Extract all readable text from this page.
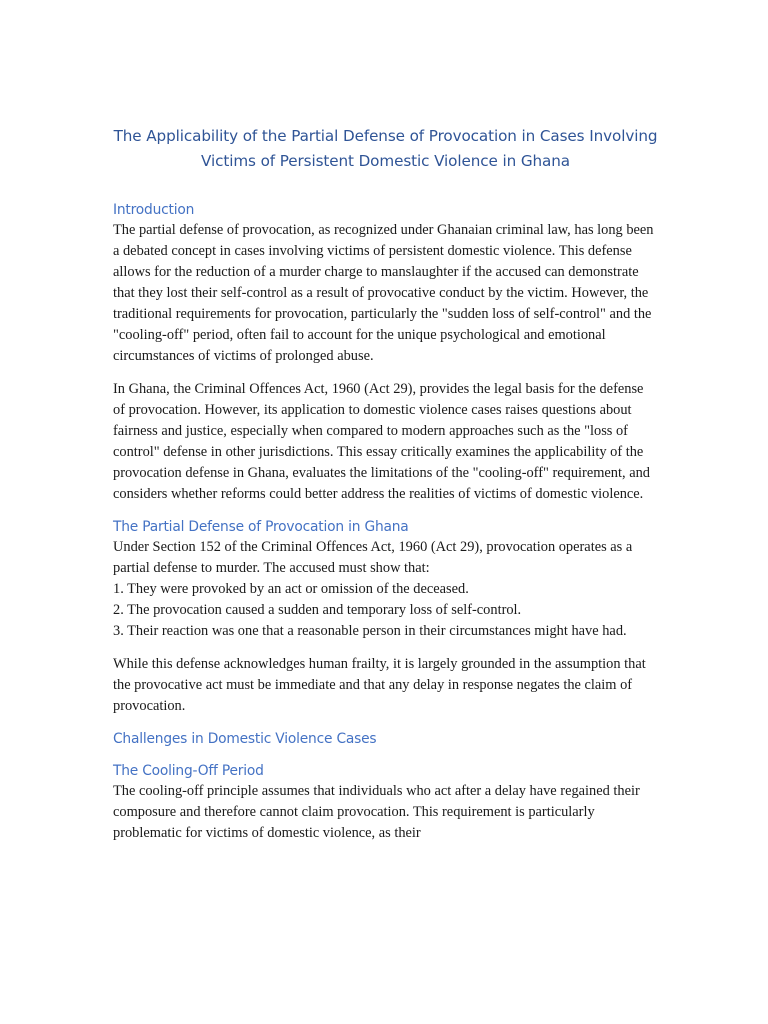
The Applicability of the Partial Defense of Provocation in Cases Involving
Victims of Persistent Domestic Violence in Ghana
Introduction

The partial defense of provocation, as recognized under Ghanaian criminal law, has long been a debated concept in cases involving victims of persistent domestic violence. This defense allows for the reduction of a murder charge to manslaughter if the accused can demonstrate that they lost their self-control as a result of provocative conduct by the victim. However, the traditional requirements for provocation, particularly the "sudden loss of self-control" and the "cooling-off" period, often fail to account for the unique psychological and emotional circumstances of victims of prolonged abuse.

In Ghana, the Criminal Offences Act, 1960 (Act 29), provides the legal basis for the defense of provocation. However, its application to domestic violence cases raises questions about fairness and justice, especially when compared to modern approaches such as the "loss of control" defense in other jurisdictions. This essay critically examines the applicability of the provocation defense in Ghana, evaluates the limitations of the "cooling-off" requirement, and considers whether reforms could better address the realities of victims of domestic violence.

The Partial Defense of Provocation in Ghana

Under Section 152 of the Criminal Offences Act, 1960 (Act 29), provocation operates as a partial defense to murder. The accused must show that:
1. They were provoked by an act or omission of the deceased.
2. The provocation caused a sudden and temporary loss of self-control.
3. Their reaction was one that a reasonable person in their circumstances might have had.

While this defense acknowledges human frailty, it is largely grounded in the assumption that the provocative act must be immediate and that any delay in response negates the claim of provocation.

Challenges in Domestic Violence Cases
The Cooling-Off Period

The cooling-off principle assumes that individuals who act after a delay have regained their composure and therefore cannot claim provocation. This requirement is particularly problematic for victims of domestic violence, as their
